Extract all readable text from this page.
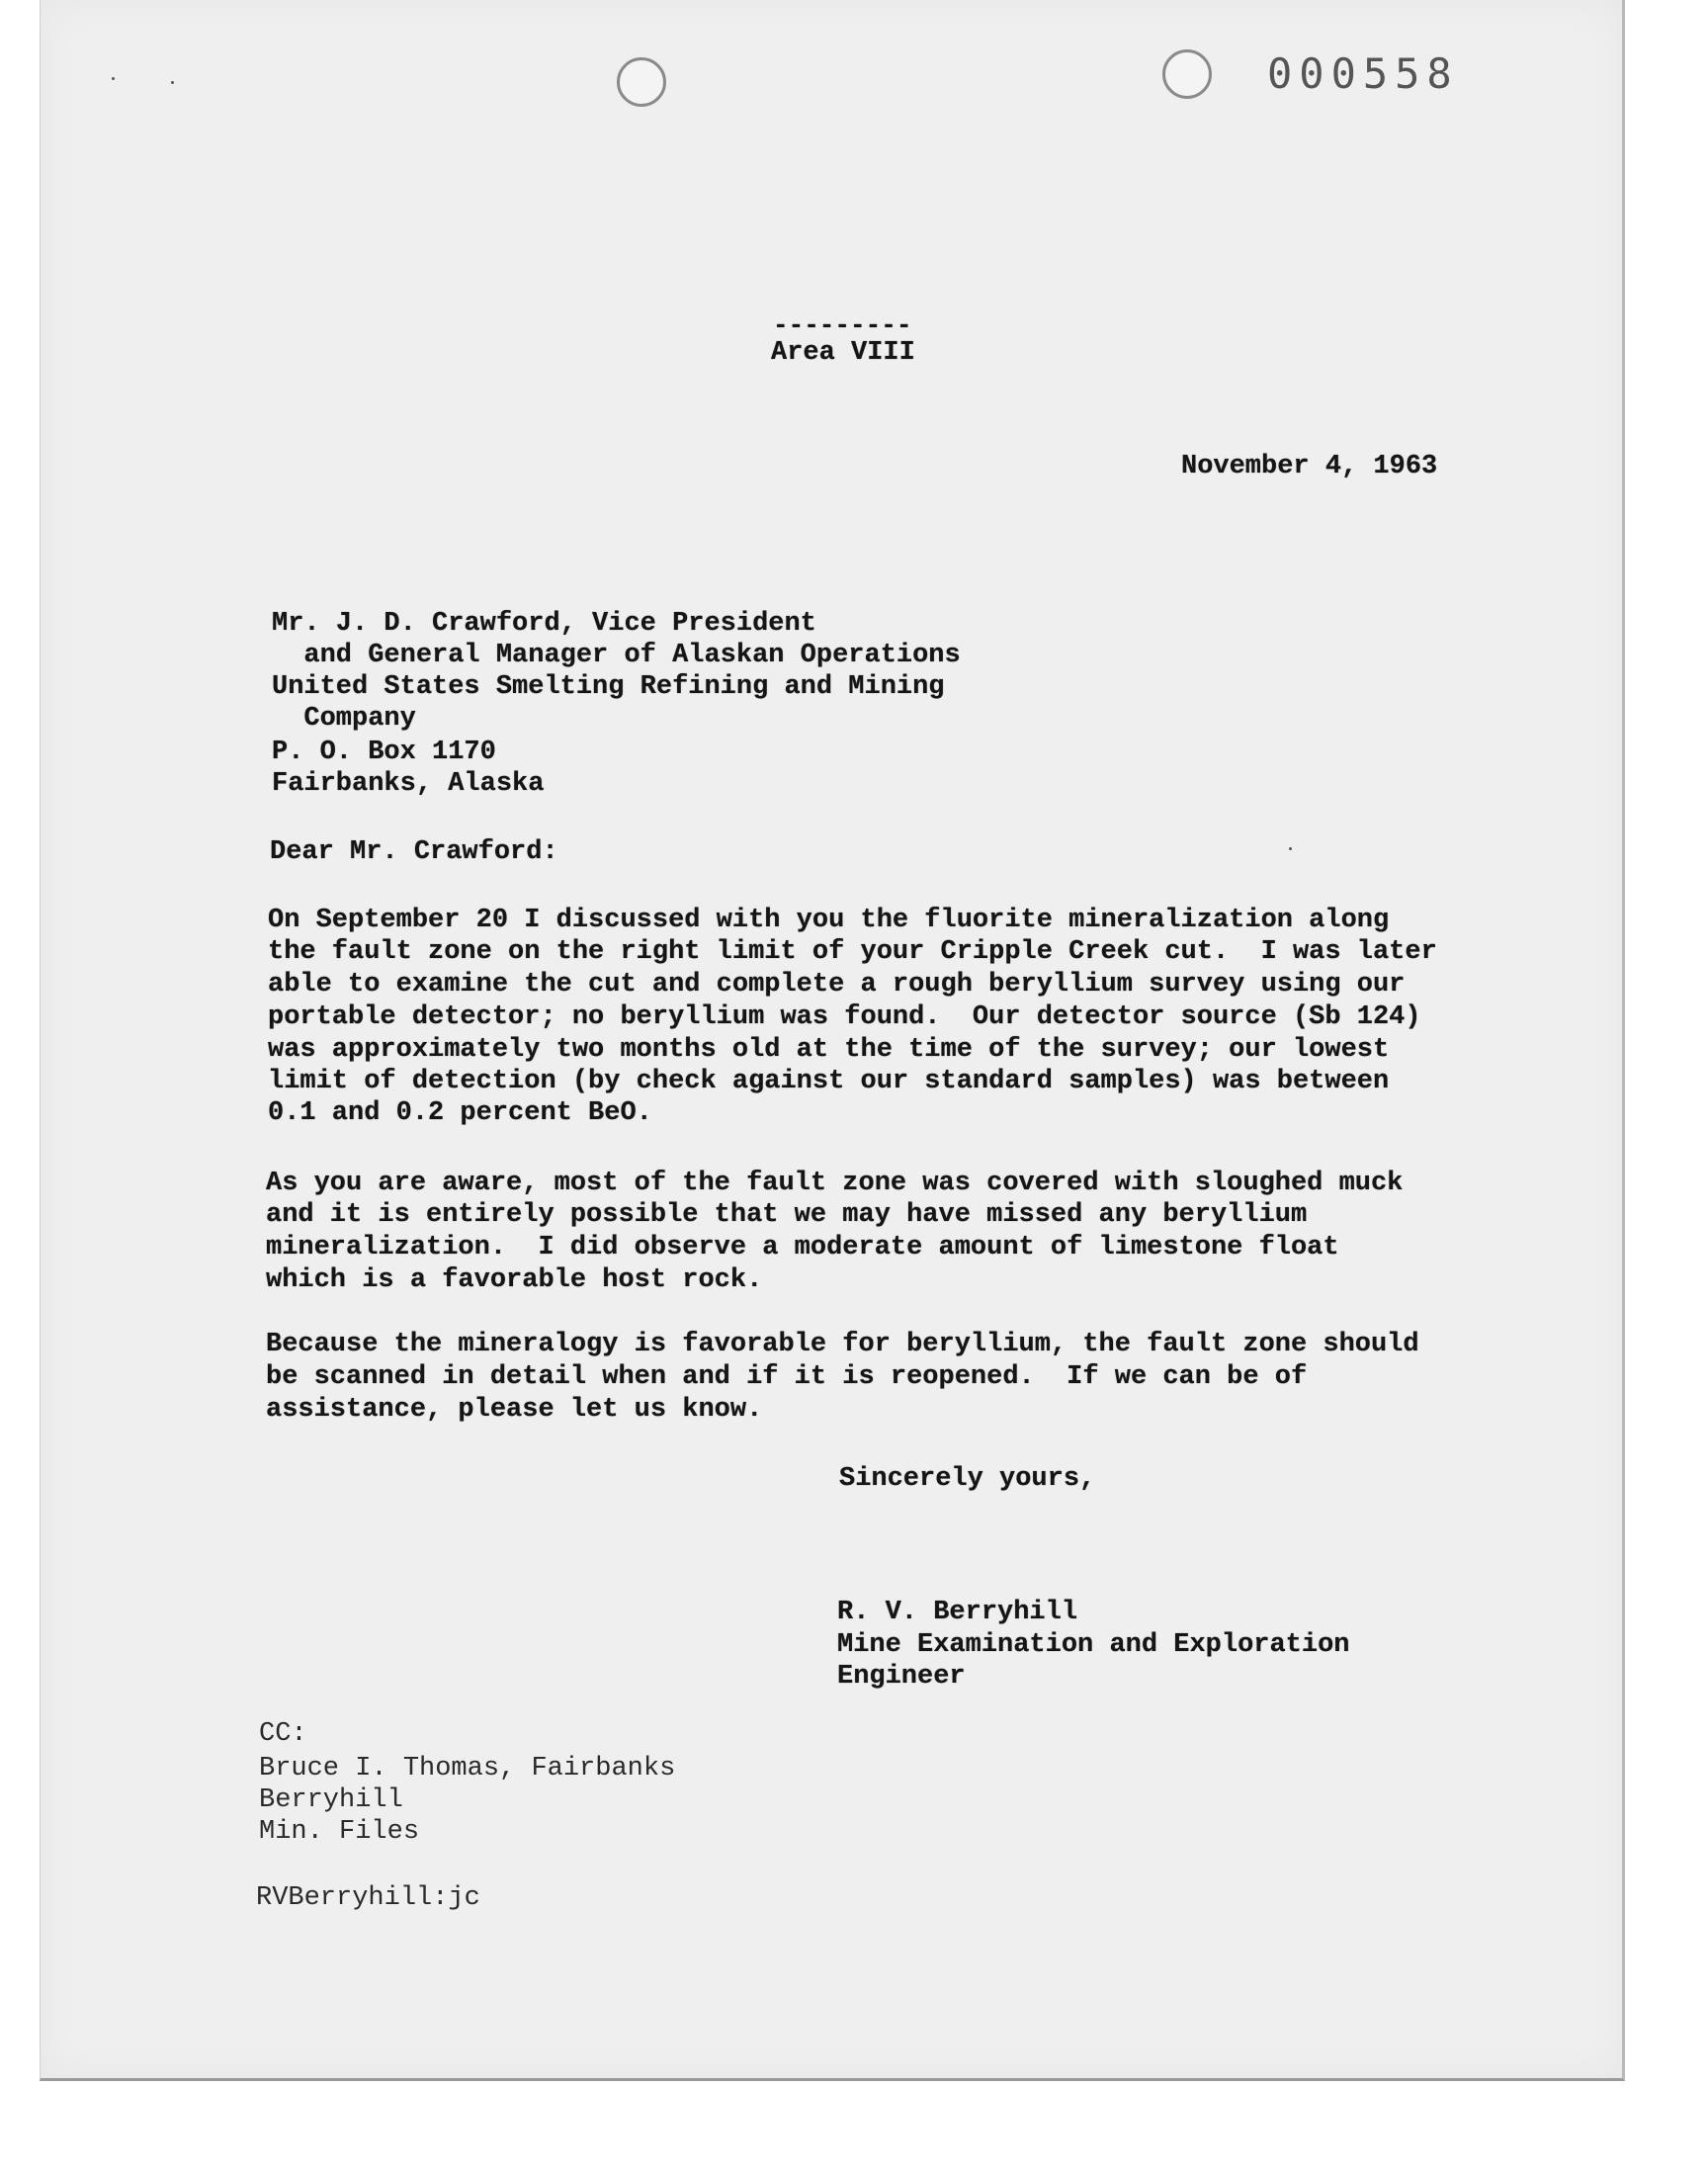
000558
---------
Area VIII
November 4, 1963
Mr. J. D. Crawford, Vice President
and General Manager of Alaskan Operations
United States Smelting Refining and Mining
Company
P. O. Box 1170
Fairbanks, Alaska
Dear Mr. Crawford:
On September 20 I discussed with you the fluorite mineralization along
the fault zone on the right limit of your Cripple Creek cut.  I was later
able to examine the cut and complete a rough beryllium survey using our
portable detector; no beryllium was found.  Our detector source (Sb 124)
was approximately two months old at the time of the survey; our lowest
limit of detection (by check against our standard samples) was between
0.1 and 0.2 percent BeO.
As you are aware, most of the fault zone was covered with sloughed muck
and it is entirely possible that we may have missed any beryllium
mineralization.  I did observe a moderate amount of limestone float
which is a favorable host rock.
Because the mineralogy is favorable for beryllium, the fault zone should
be scanned in detail when and if it is reopened.  If we can be of
assistance, please let us know.
Sincerely yours,
R. V. Berryhill
Mine Examination and Exploration
Engineer
CC:
Bruce I. Thomas, Fairbanks
Berryhill
Min. Files
RVBerryhill:jc
